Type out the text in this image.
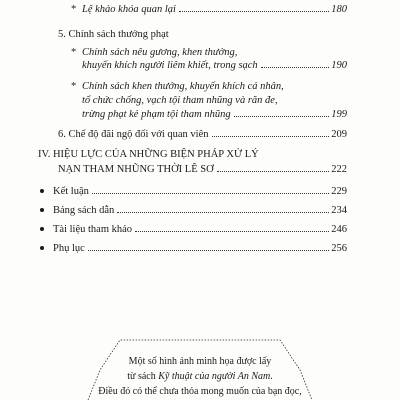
* Lệ khảo khóa quan lại	180
5. Chính sách thưởng phạt
* Chính sách nêu gương, khen thưởng,
khuyến khích người liêm khiết, trong sạch	190
* Chính sách khen thưởng, khuyến khích cá nhân,
tổ chức chống, vạch tội tham nhũng và răn đe,
trừng phạt kẻ phạm tội tham nhũng	199
6. Chế độ đãi ngộ đối với quan viên	209
IV. HIỆU LỰC CỦA NHỮNG BIỆN PHÁP XỬ LÝ
NẠN THAM NHŨNG THỜI LÊ SƠ	222
Kết luận	229
Bảng sách dẫn	234
Tài liệu tham khảo	246
Phụ lục	256
Một số hình ảnh minh họa được lấy
từ sách Kỹ thuật của người An Nam.
Điều đó có thể chưa thỏa mong muốn của bạn đọc,
